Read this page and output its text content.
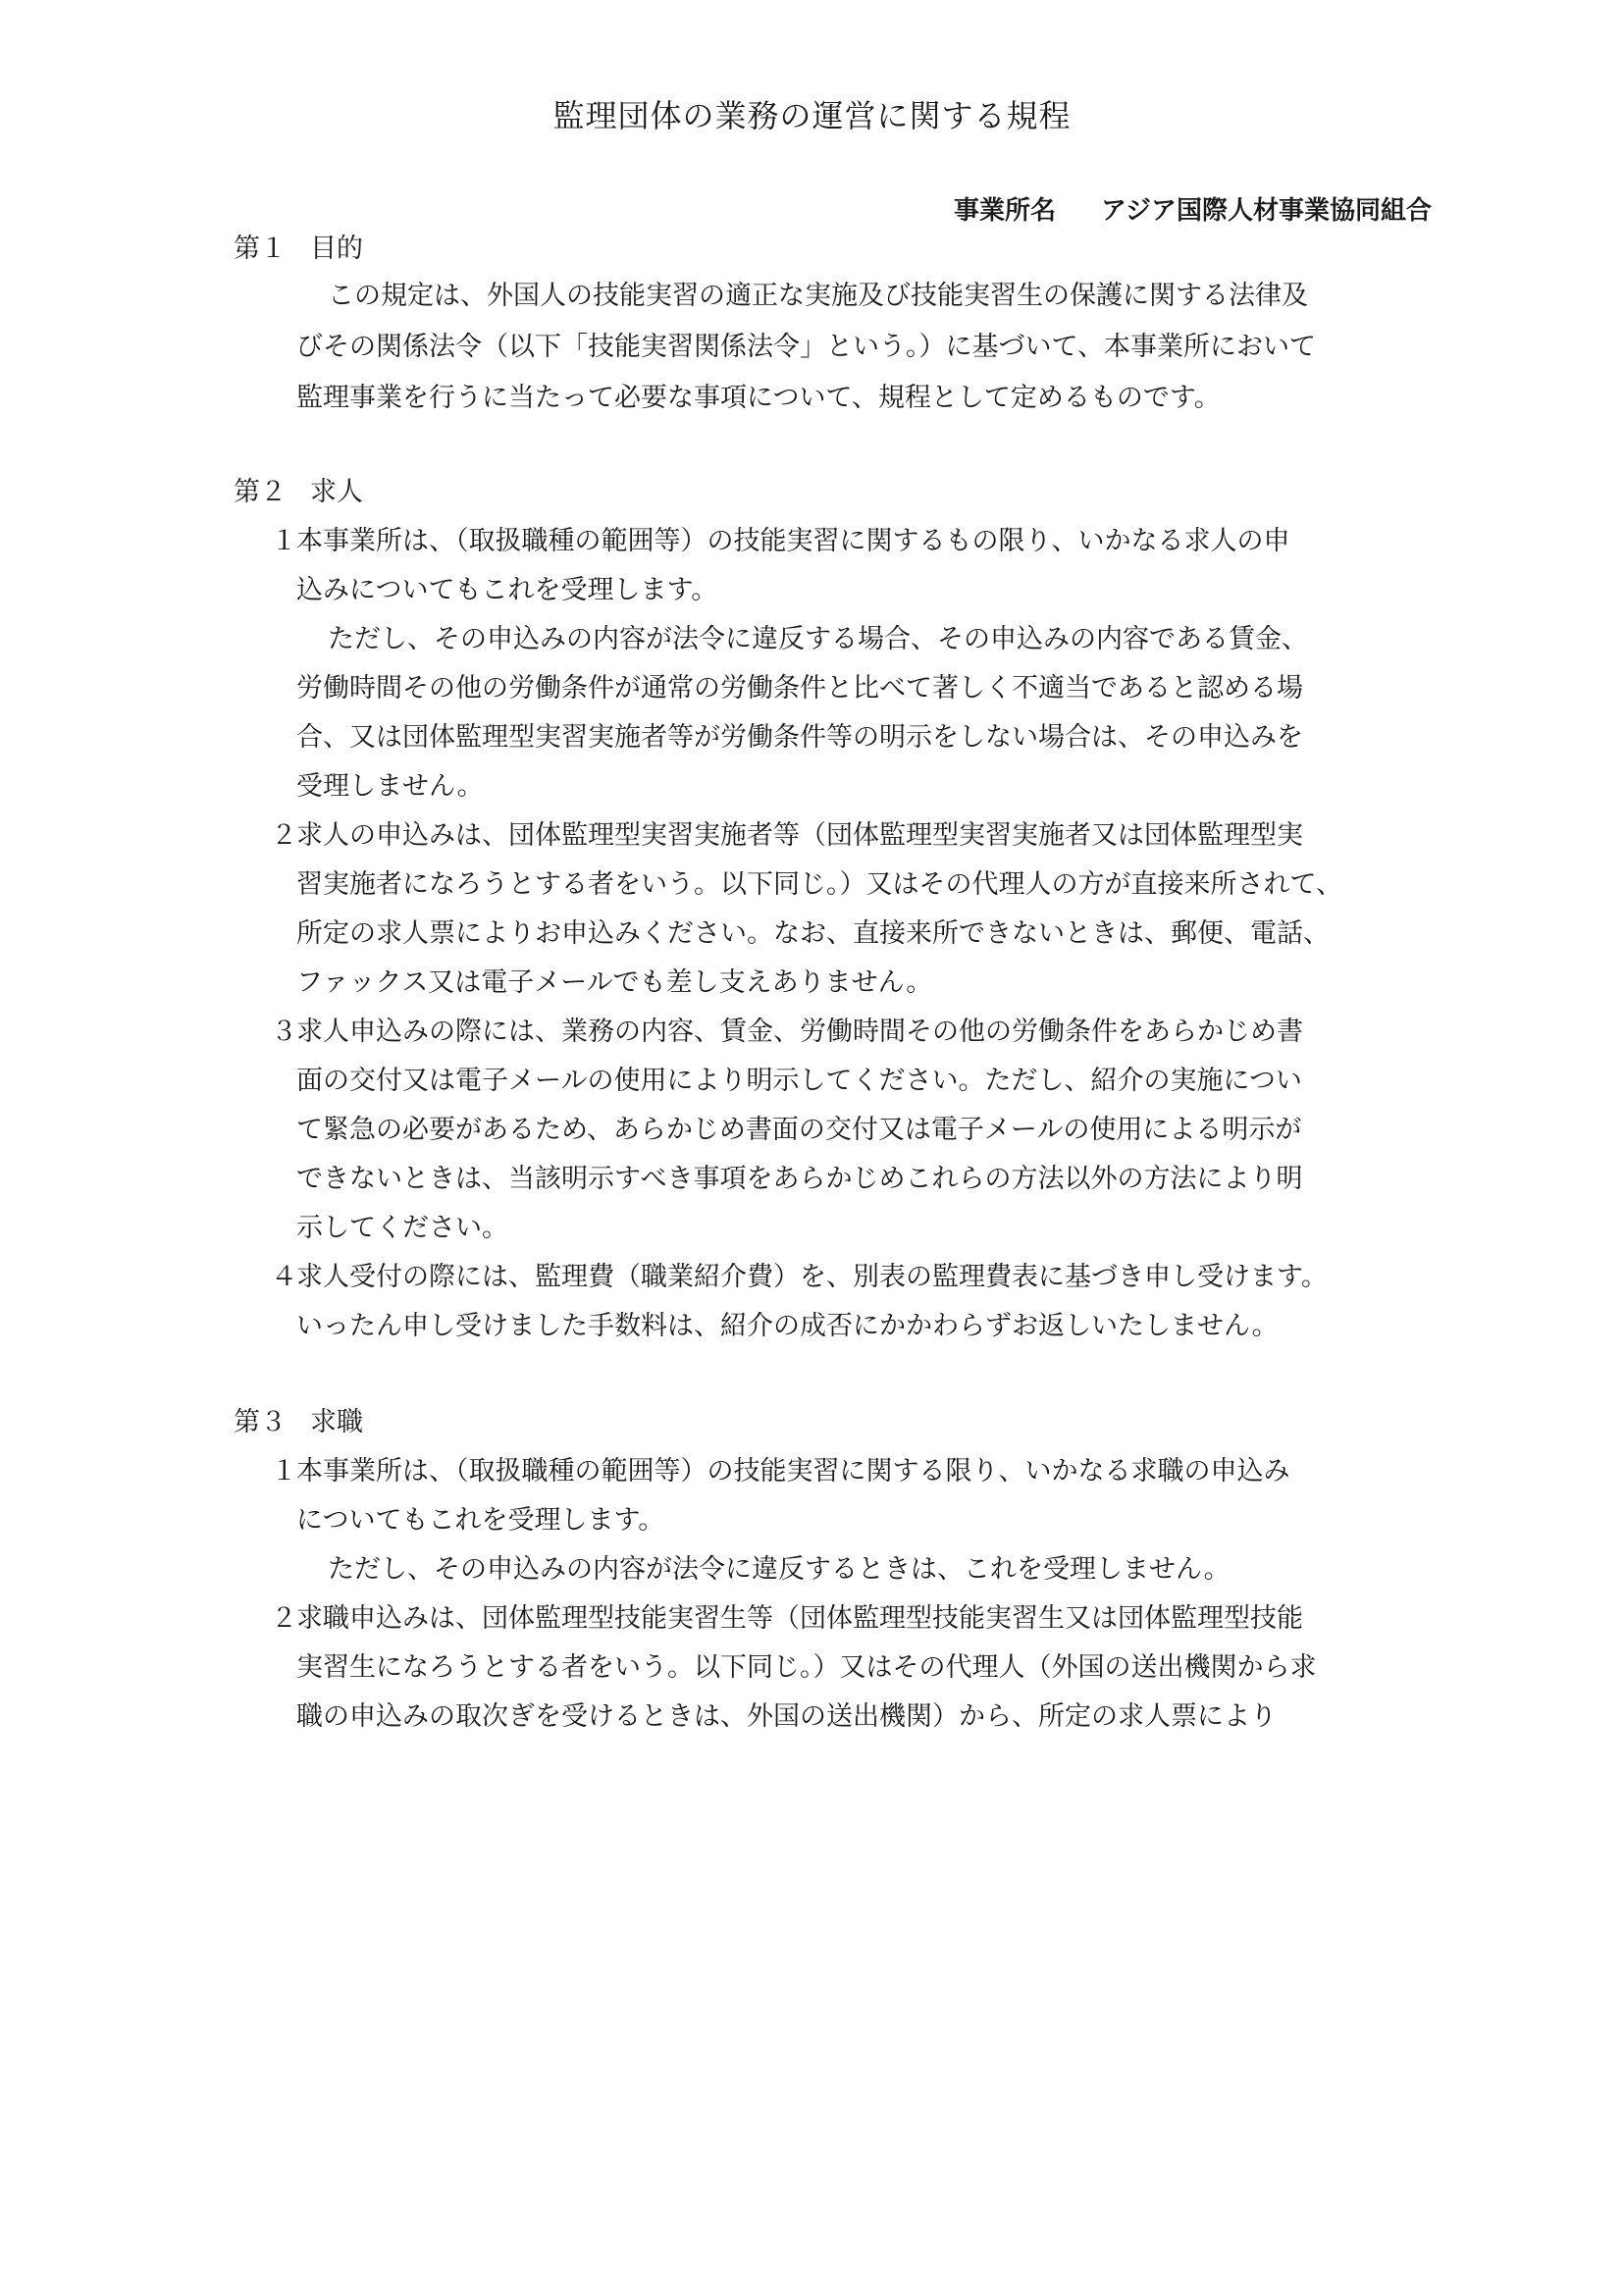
監理団体の業務の運営に関する規程
事業所名 アジア国際人材事業協同組合
第１ 目的
この規定は、外国人の技能実習の適正な実施及び技能実習生の保護に関する法律及
びその関係法令（以下「技能実習関係法令」という。）に基づいて、本事業所において
監理事業を行うに当たって必要な事項について、規程として定めるものです。
第２ 求人
１ 本事業所は、（取扱職種の範囲等）の技能実習に関するもの限り、いかなる求人の申
込みについてもこれを受理します。
ただし、その申込みの内容が法令に違反する場合、その申込みの内容である賃金、
労働時間その他の労働条件が通常の労働条件と比べて著しく不適当であると認める場
合、又は団体監理型実習実施者等が労働条件等の明示をしない場合は、その申込みを
受理しません。
２ 求人の申込みは、団体監理型実習実施者等（団体監理型実習実施者又は団体監理型実
習実施者になろうとする者をいう。以下同じ。）又はその代理人の方が直接来所されて、
所定の求人票によりお申込みください。なお、直接来所できないときは、郵便、電話、
ファックス又は電子メールでも差し支えありません。
３ 求人申込みの際には、業務の内容、賃金、労働時間その他の労働条件をあらかじめ書
面の交付又は電子メールの使用により明示してください。ただし、紹介の実施につい
て緊急の必要があるため、あらかじめ書面の交付又は電子メールの使用による明示が
できないときは、当該明示すべき事項をあらかじめこれらの方法以外の方法により明
示してください。
４ 求人受付の際には、監理費（職業紹介費）を、別表の監理費表に基づき申し受けます。
いったん申し受けました手数料は、紹介の成否にかかわらずお返しいたしません。
第３ 求職
１ 本事業所は、（取扱職種の範囲等）の技能実習に関する限り、いかなる求職の申込み
についてもこれを受理します。
ただし、その申込みの内容が法令に違反するときは、これを受理しません。
２ 求職申込みは、団体監理型技能実習生等（団体監理型技能実習生又は団体監理型技能
実習生になろうとする者をいう。以下同じ。）又はその代理人（外国の送出機関から求
職の申込みの取次ぎを受けるときは、外国の送出機関）から、所定の求人票により
